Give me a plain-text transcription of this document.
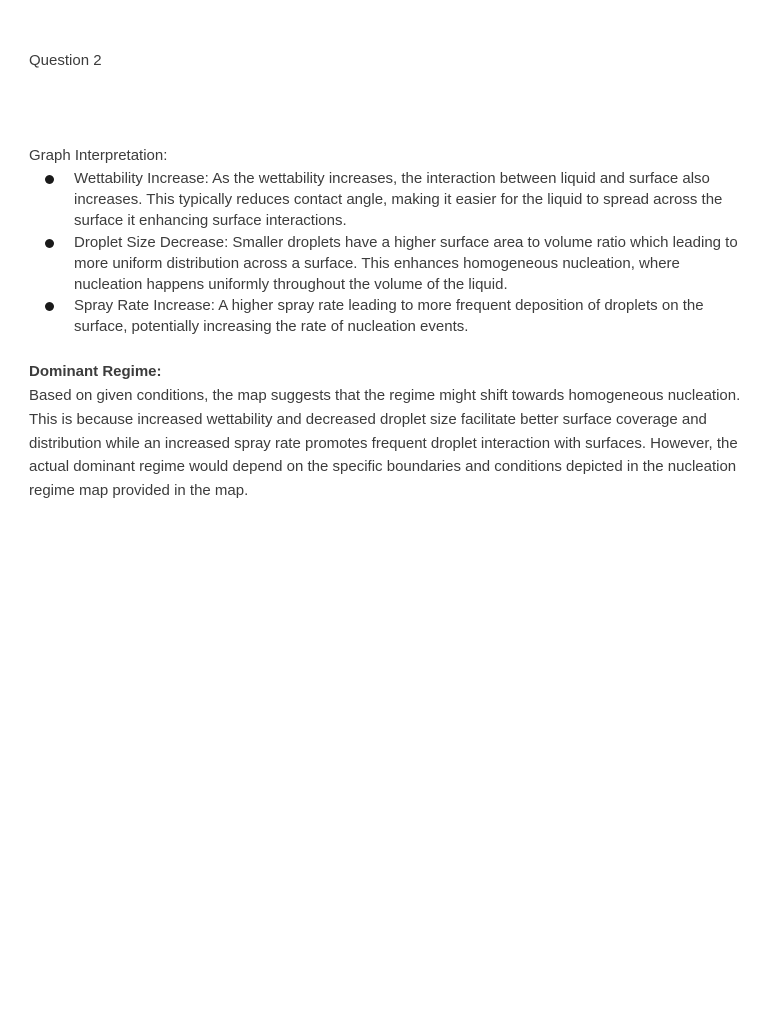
Question 2

Graph Interpretation:

Wettability Increase: As the wettability increases, the interaction between liquid and surface also increases. This typically reduces contact angle, making it easier for the liquid to spread across the surface it enhancing surface interactions.
Droplet Size Decrease: Smaller droplets have a higher surface area to volume ratio which leading to more uniform distribution across a surface. This enhances homogeneous nucleation, where nucleation happens uniformly throughout the volume of the liquid.
Spray Rate Increase: A higher spray rate leading to more frequent deposition of droplets on the surface, potentially increasing the rate of nucleation events.

Dominant Regime:

Based on given conditions, the map suggests that the regime might shift towards homogeneous nucleation. This is because increased wettability and decreased droplet size facilitate better surface coverage and distribution while an increased spray rate promotes frequent droplet interaction with surfaces. However, the actual dominant regime would depend on the specific boundaries and conditions depicted in the nucleation regime map provided in the map.
